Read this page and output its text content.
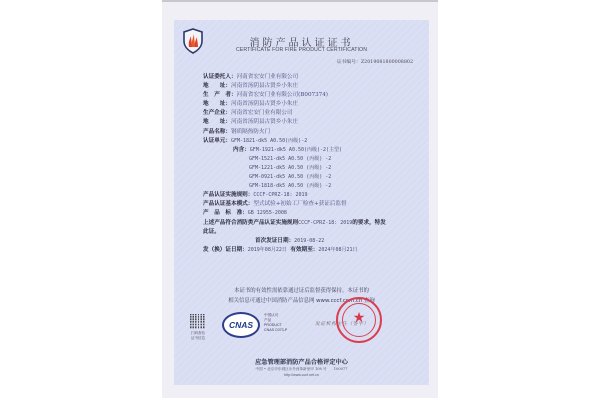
消防产品认证证书
CERTIFICATE FOR FIRE PRODUCT CERTIFICATION
证书编号：Z2019081800008802
认证委托人：河南省宏安门业有限公司
地　　址：河南省汤阴县古贤乡小朱庄
生　产　者：河南省宏安门业有限公司(B007374)
地　　址：河南省汤阴县古贤乡小朱庄
生产企业：河南省宏安门业有限公司
地　　址：河南省汤阴县古贤乡小朱庄
产品名称：钢质隔热防火门
认证单元：GFM-1821-dk5 A0.50(丙级)-2
内含：GFM-1921-dk5 A0.50(丙级)-2(主型)
GFM-1521-dk5 A0.50 (丙级) -2
GFM-1221-dk5 A0.50 (丙级) -2
GFM-0921-dk5 A0.50 (丙级) -2
GFM-1818-dk5 A0.50 (丙级) -2
产品认证实施规则：CCCF-CPRZ-18: 2019
产品认证基本模式：型式试验+初始工厂检查+获证后监督
产　品　标　准：GB 12955-2008
上述产品符合消防类产品认证实施规则CCCF-CPRZ-18: 2019的要求，特发
此证。
首次发证日期：2019-08-22
发（换）证日期：2019年08月22日 有效期至：2024年08月21日
本证书的有效性需依靠通过证后监督获得保持。本证书的
相关信息可通过中国消防产品信息网 www.cccf.com.cn 查询
扫码查验
证书信息
CNAS
中国认可
产品
PRODUCT
CNAS C073-P
发证机构主任（签字）
★
应急管理部消防产品合格评定中心
中国 • 北京市东城区永外西革新里甲 108 号　　100077
http://www.cccf.net.cn
